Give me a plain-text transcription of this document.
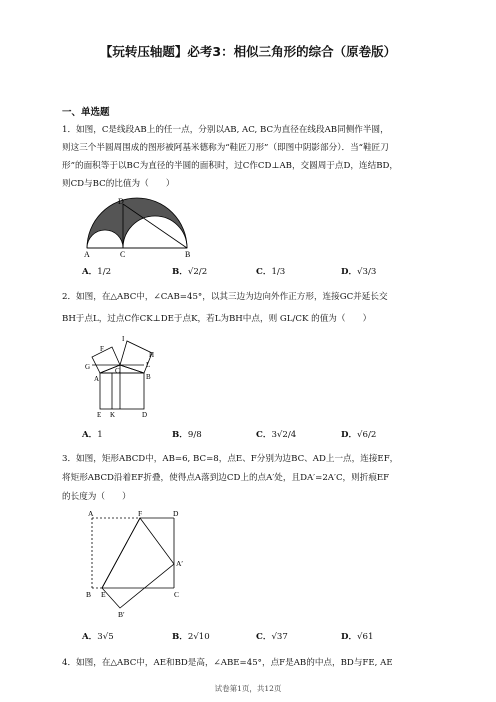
【玩转压轴题】必考3：相似三角形的综合（原卷版）
一、单选题
1．如图，C是线段AB上的任一点，分别以AB, AC, BC为直径在线段AB同侧作半圆，
则这三个半圆周围成的图形被阿基米德称为“鞋匠刀形”（即图中阴影部分）．当“鞋匠刀
形”的面积等于以BC为直径的半圆的面积时，过C作CD⊥AB，交圆周于点D，连结BD，
则CD与BC的比值为（　　）
D
A	C	B
A．1/2	B．√2/2	C．1/3	D．√3/3
2．如图，在△ABC中，∠CAB=45°，以其三边为边向外作正方形，连接GC并延长交
BH于点L，过点C作CK⊥DE于点K，若L为BH中点，则 GL/CK 的值为（　　）
I
F
H
G	C
L
A	B
E K	D
A．1	B．9/8	C．3√2/4	D．√6/2
3．如图，矩形ABCD中，AB=6, BC=8，点E、F分别为边BC、AD上一点，连接EF，
将矩形ABCD沿着EF折叠，使得点A落到边CD上的点A′处，且DA′=2A′C，则折痕EF
的长度为（　　）
A	F	D
A′
B E	C
B′
A．3√5	B．2√10	C．√37	D．√61
4．如图，在△ABC中，AE和BD是高，∠ABE=45°，点F是AB的中点，BD与FE, AE
试卷第1页，共12页
